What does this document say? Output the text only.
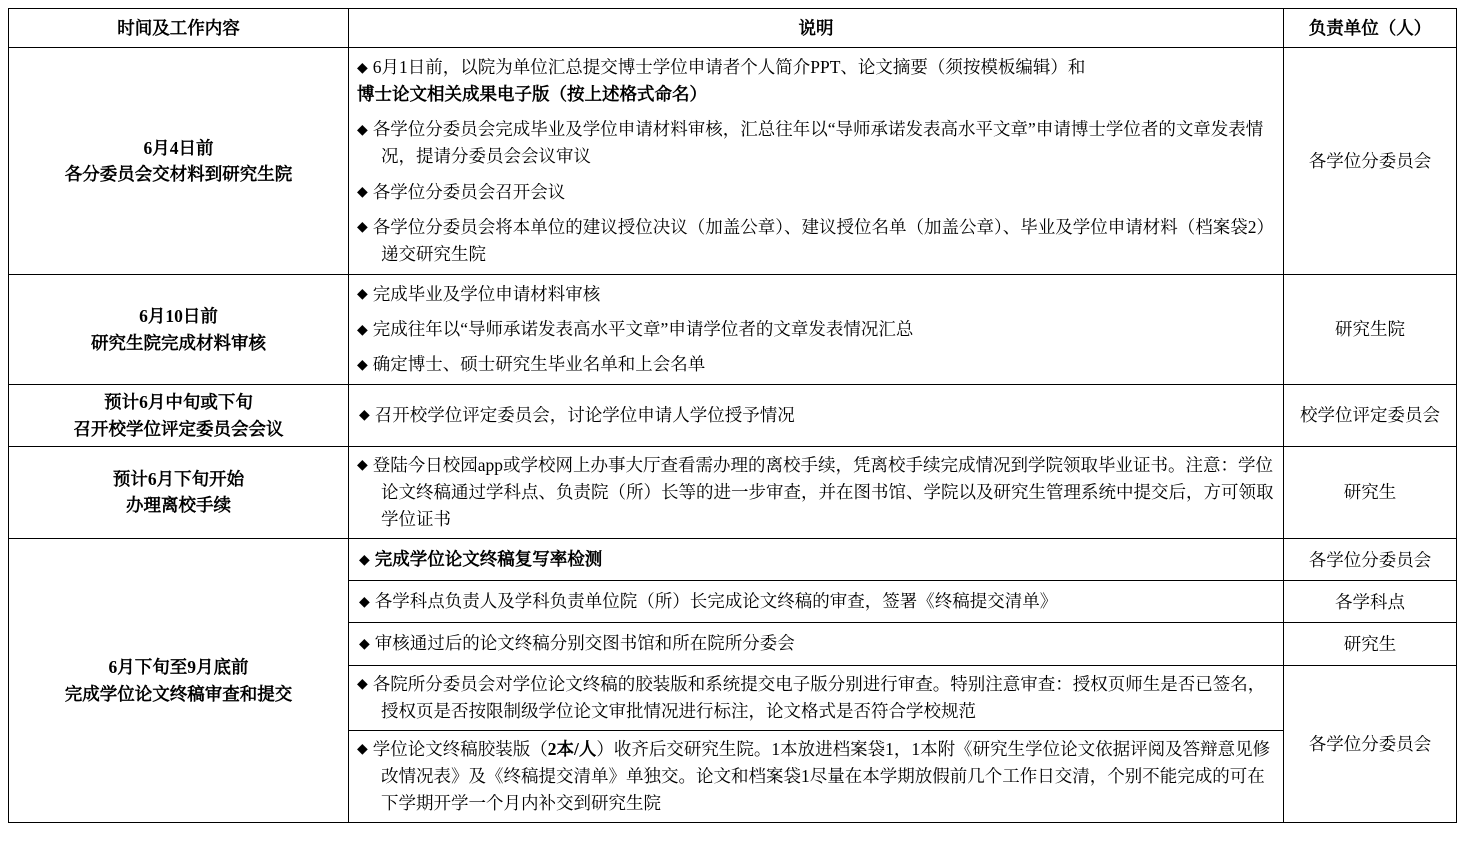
时间及工作内容	说明	负责单位（人）

6月4日前
各分委员会交材料到研究生院	◆ 6月1日前，以院为单位汇总提交博士学位申请者个人简介PPT、论文摘要（须按模板编辑）和
博士论文相关成果电子版（按上述格式命名）
◆ 各学位分委员会完成毕业及学位申请材料审核，汇总往年以“导师承诺发表高水平文章”申请博士学位者的文章发表情况，提请分委员会会议审议
◆ 各学位分委员会召开会议
◆ 各学位分委员会将本单位的建议授位决议（加盖公章）、建议授位名单（加盖公章）、毕业及学位申请材料（档案袋2）递交研究生院	各学位分委员会

6月10日前
研究生院完成材料审核	◆ 完成毕业及学位申请材料审核
◆ 完成往年以“导师承诺发表高水平文章”申请学位者的文章发表情况汇总
◆ 确定博士、硕士研究生毕业名单和上会名单	研究生院

预计6月中旬或下旬
召开校学位评定委员会会议	◆ 召开校学位评定委员会，讨论学位申请人学位授予情况	校学位评定委员会

预计6月下旬开始
办理离校手续	◆ 登陆今日校园app或学校网上办事大厅查看需办理的离校手续，凭离校手续完成情况到学院领取毕业证书。注意：学位论文终稿通过学科点、负责院（所）长等的进一步审查，并在图书馆、学院以及研究生管理系统中提交后，方可领取学位证书	研究生

6月下旬至9月底前
完成学位论文终稿审查和提交	◆ 完成学位论文终稿复写率检测	各学位分委员会

	◆ 各学科点负责人及学科负责单位院（所）长完成论文终稿的审查，签署《终稿提交清单》	各学科点

	◆ 审核通过后的论文终稿分别交图书馆和所在院所分委会	研究生

	◆ 各院所分委员会对学位论文终稿的胶装版和系统提交电子版分别进行审查。特别注意审查：授权页师生是否已签名，授权页是否按限制级学位论文审批情况进行标注，论文格式是否符合学校规范	各学位分委员会

	◆ 学位论文终稿胶装版（2本/人）收齐后交研究生院。1本放进档案袋1，1本附《研究生学位论文依据评阅及答辩意见修改情况表》及《终稿提交清单》单独交。论文和档案袋1尽量在本学期放假前几个工作日交清，个别不能完成的可在下学期开学一个月内补交到研究生院	
